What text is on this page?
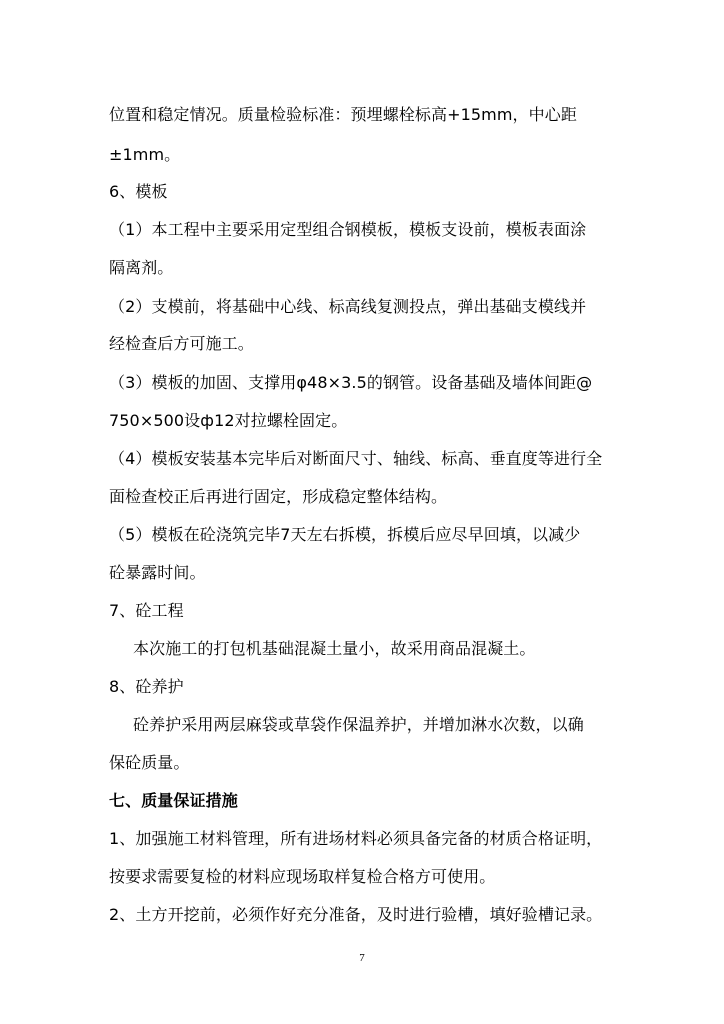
位置和稳定情况。质量检验标准：预埋螺栓标高+15mm，中心距
±1mm。
6、模板
（1）本工程中主要采用定型组合钢模板，模板支设前，模板表面涂
隔离剂。
（2）支模前，将基础中心线、标高线复测投点，弹出基础支模线并
经检查后方可施工。
（3）模板的加固、支撑用φ48×3.5的钢管。设备基础及墙体间距@
750×500设ф12对拉螺栓固定。
（4）模板安装基本完毕后对断面尺寸、轴线、标高、垂直度等进行全
面检查校正后再进行固定，形成稳定整体结构。
（5）模板在砼浇筑完毕7天左右拆模，拆模后应尽早回填，以减少
砼暴露时间。
7、砼工程
本次施工的打包机基础混凝土量小，故采用商品混凝土。
8、砼养护
砼养护采用两层麻袋或草袋作保温养护，并增加淋水次数，以确
保砼质量。
七、质量保证措施
1、加强施工材料管理，所有进场材料必须具备完备的材质合格证明，
按要求需要复检的材料应现场取样复检合格方可使用。
2、土方开挖前，必须作好充分准备，及时进行验槽，填好验槽记录。
7
